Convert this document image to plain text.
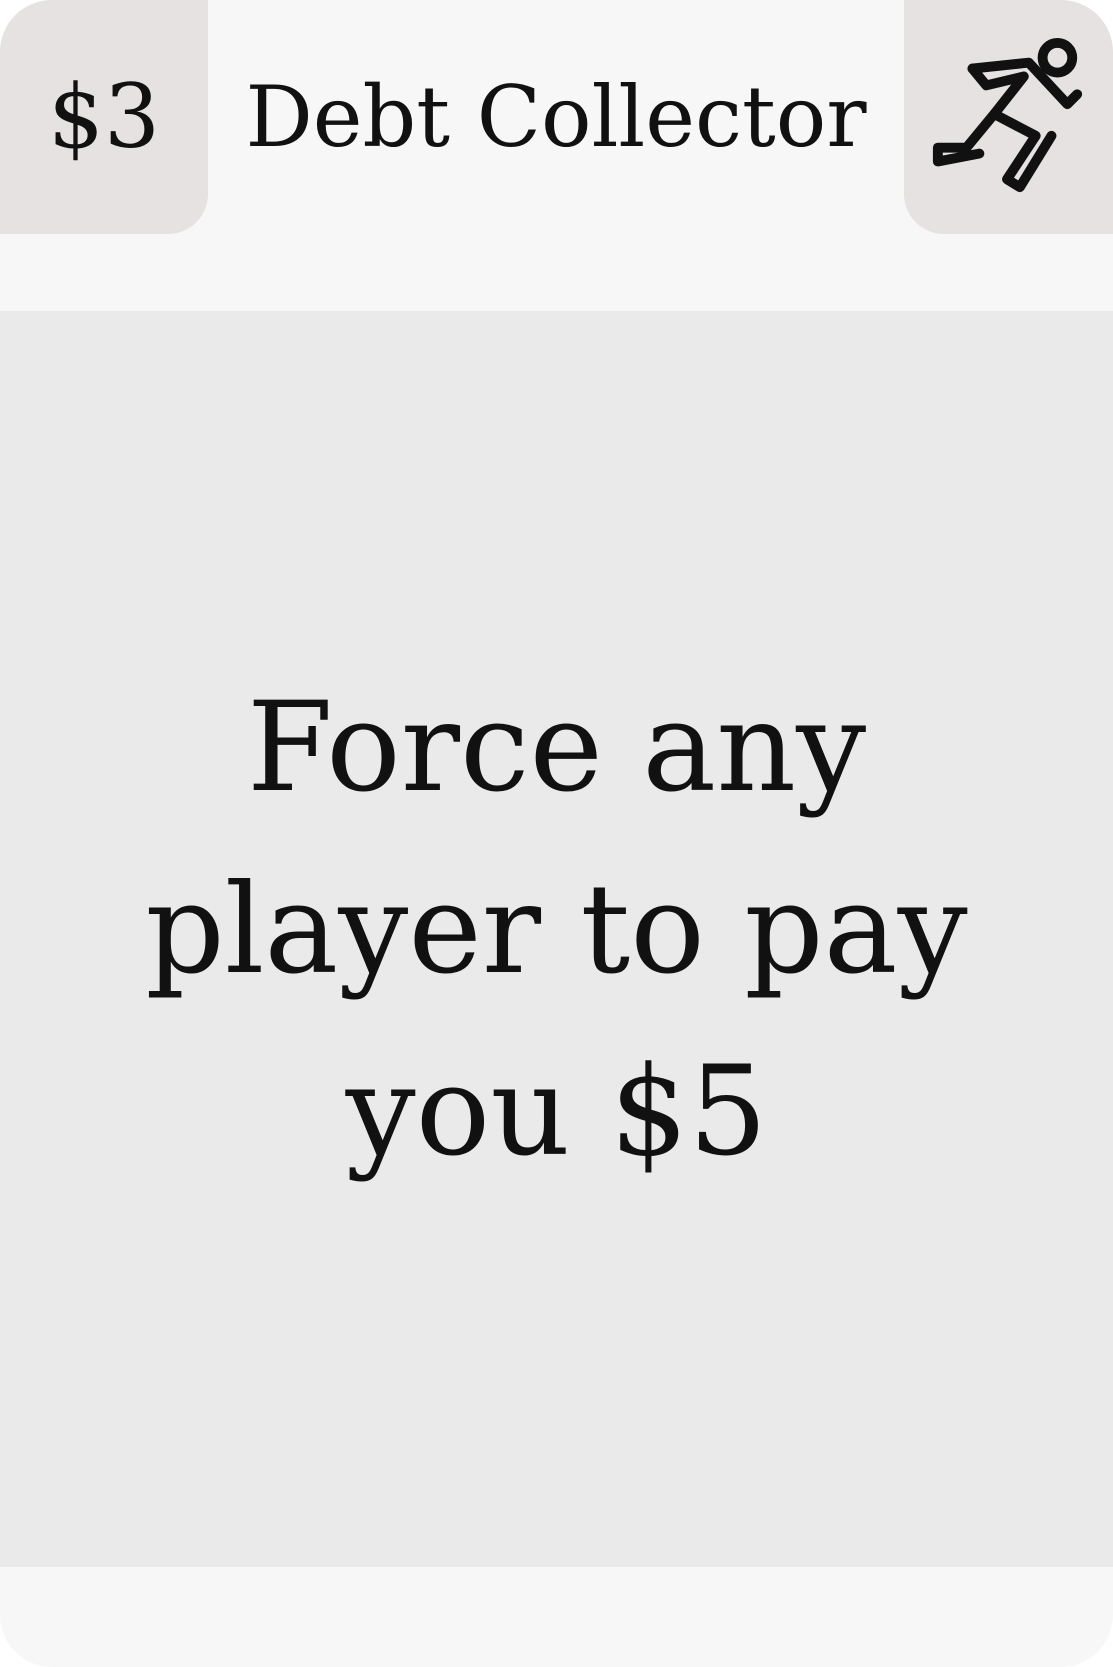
$3	Debt Collector
Force any player to pay you $5
